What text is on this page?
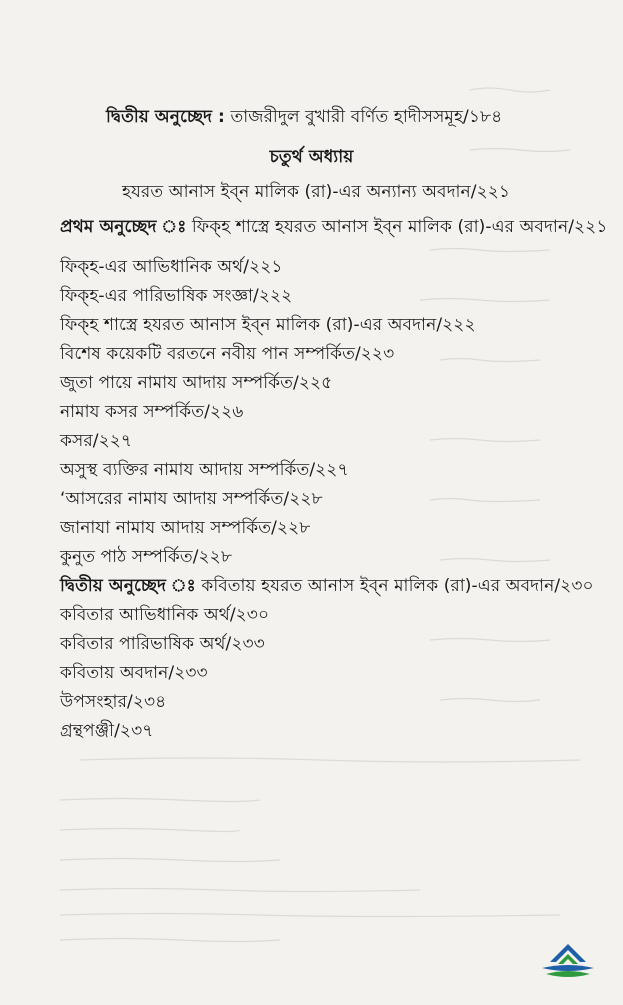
দ্বিতীয় অনুচ্ছেদ : তাজরীদুল বুখারী বর্ণিত হাদীসসমূহ/১৮৪
চতুর্থ অধ্যায়
হযরত আনাস ইব্‌ন মালিক (রা)-এর অন্যান্য অবদান/২২১
প্রথম অনুচ্ছেদ ঃ ফিক্‌হ শাস্ত্রে হযরত আনাস ইব্‌ন মালিক (রা)-এর অবদান/২২১
ফিক্‌হ-এর আভিধানিক অর্থ/২২১
ফিক্‌হ-এর পারিভাষিক সংজ্ঞা/২২২
ফিক্‌হ শাস্ত্রে হযরত আনাস ইব্‌ন মালিক (রা)-এর অবদান/২২২
বিশেষ কয়েকটি বরতনে নবীয় পান সম্পর্কিত/২২৩
জুতা পায়ে নামায আদায় সম্পর্কিত/২২৫
নামায কসর সম্পর্কিত/২২৬
কসর/২২৭
অসুস্থ ব্যক্তির নামায আদায় সম্পর্কিত/২২৭
‘আসরের নামায আদায় সম্পর্কিত/২২৮
জানাযা নামায আদায় সম্পর্কিত/২২৮
কুনুত পাঠ সম্পর্কিত/২২৮
দ্বিতীয় অনুচ্ছেদ ঃ কবিতায় হযরত আনাস ইব্‌ন মালিক (রা)-এর অবদান/২৩০
কবিতার আভিধানিক অর্থ/২৩০
কবিতার পারিভাষিক অর্থ/২৩৩
কবিতায় অবদান/২৩৩
উপসংহার/২৩৪
গ্রন্থপঞ্জী/২৩৭
